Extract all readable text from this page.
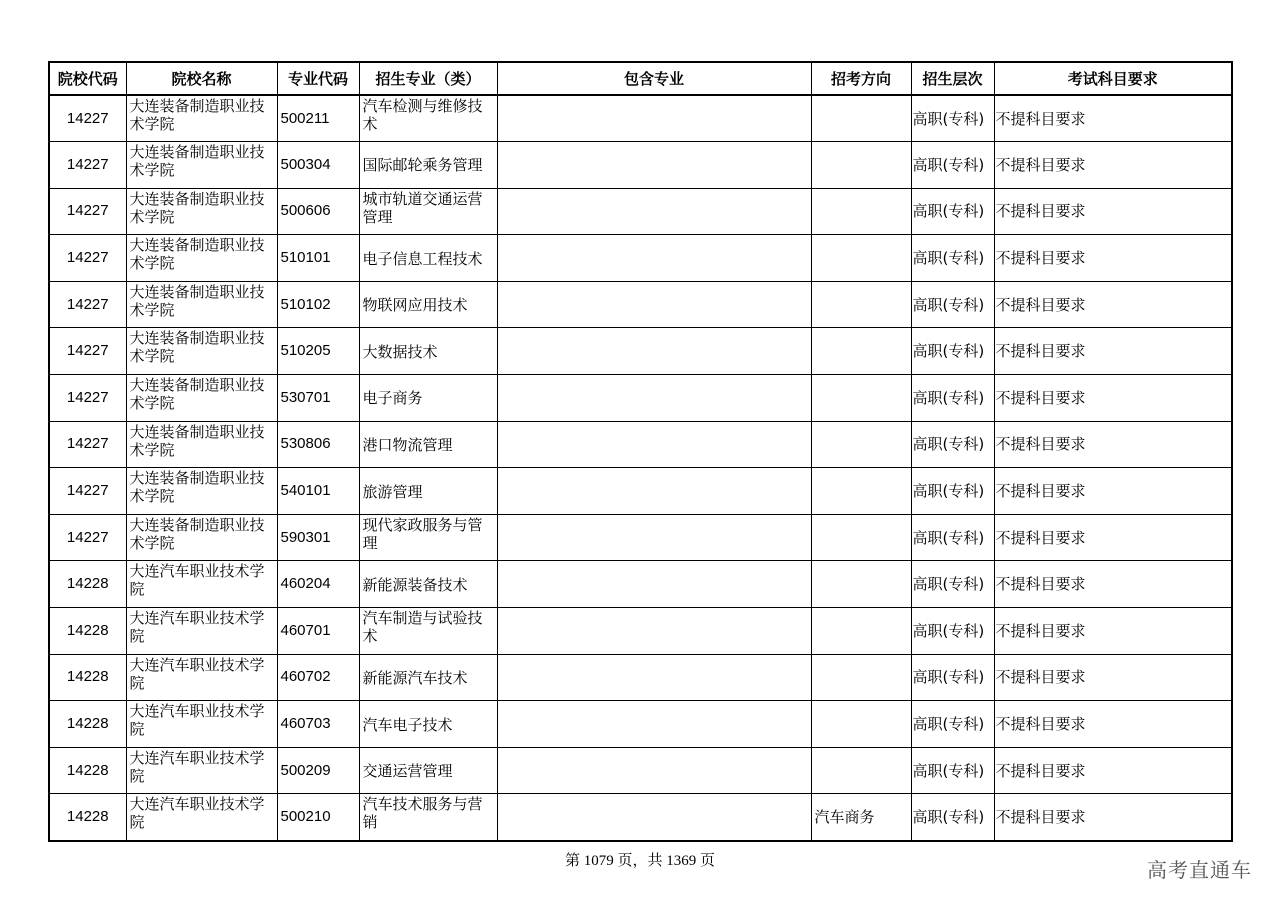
院校代码	院校名称	专业代码	招生专业（类）	包含专业	招考方向	招生层次	考试科目要求
14227	大连装备制造职业技术学院	500211	汽车检测与维修技术			高职(专科)	不提科目要求
14227	大连装备制造职业技术学院	500304	国际邮轮乘务管理			高职(专科)	不提科目要求
14227	大连装备制造职业技术学院	500606	城市轨道交通运营管理			高职(专科)	不提科目要求
14227	大连装备制造职业技术学院	510101	电子信息工程技术			高职(专科)	不提科目要求
14227	大连装备制造职业技术学院	510102	物联网应用技术			高职(专科)	不提科目要求
14227	大连装备制造职业技术学院	510205	大数据技术			高职(专科)	不提科目要求
14227	大连装备制造职业技术学院	530701	电子商务			高职(专科)	不提科目要求
14227	大连装备制造职业技术学院	530806	港口物流管理			高职(专科)	不提科目要求
14227	大连装备制造职业技术学院	540101	旅游管理			高职(专科)	不提科目要求
14227	大连装备制造职业技术学院	590301	现代家政服务与管理			高职(专科)	不提科目要求
14228	大连汽车职业技术学院	460204	新能源装备技术			高职(专科)	不提科目要求
14228	大连汽车职业技术学院	460701	汽车制造与试验技术			高职(专科)	不提科目要求
14228	大连汽车职业技术学院	460702	新能源汽车技术			高职(专科)	不提科目要求
14228	大连汽车职业技术学院	460703	汽车电子技术			高职(专科)	不提科目要求
14228	大连汽车职业技术学院	500209	交通运营管理			高职(专科)	不提科目要求
14228	大连汽车职业技术学院	500210	汽车技术服务与营销		汽车商务	高职(专科)	不提科目要求
第 1079 页，共 1369 页	高考直通车
